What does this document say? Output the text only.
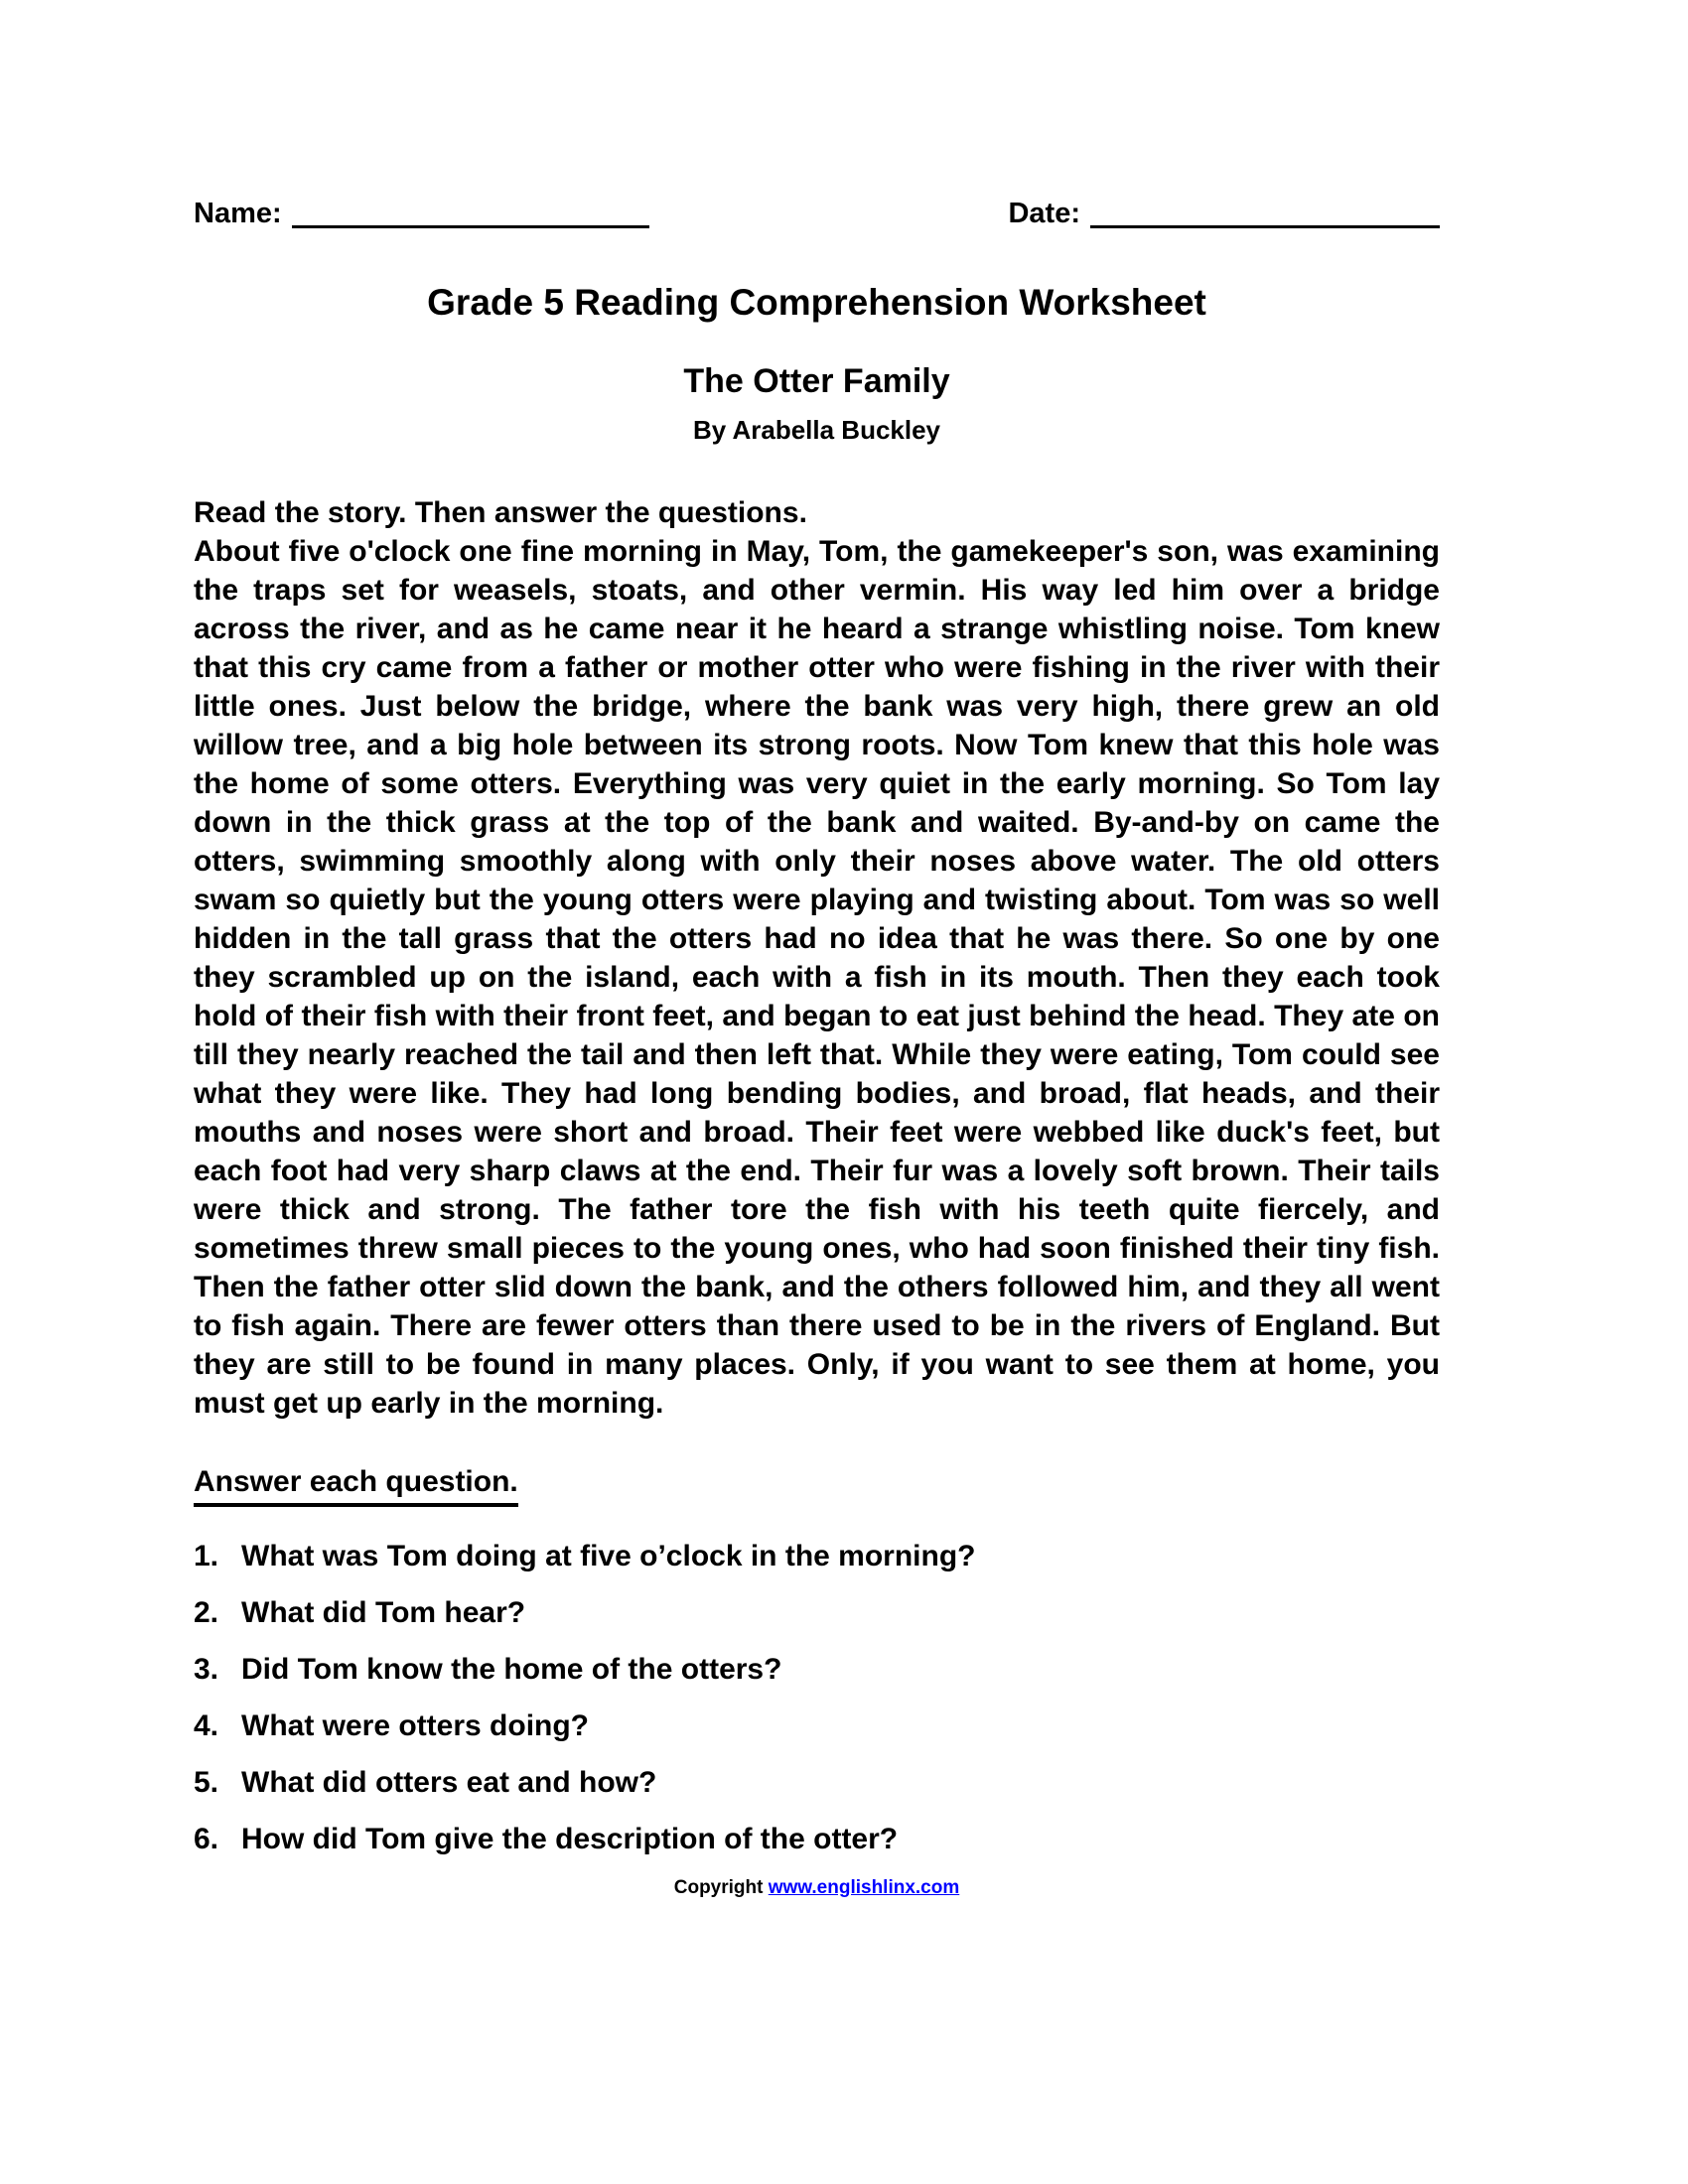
Name:	Date:
Grade 5 Reading Comprehension Worksheet
The Otter Family
By Arabella Buckley
Read the story. Then answer the questions.

About five o'clock one fine morning in May, Tom, the gamekeeper's son, was examining the traps set for weasels, stoats, and other vermin. His way led him over a bridge across the river, and as he came near it he heard a strange whistling noise. Tom knew that this cry came from a father or mother otter who were fishing in the river with their little ones. Just below the bridge, where the bank was very high, there grew an old willow tree, and a big hole between its strong roots. Now Tom knew that this hole was the home of some otters. Everything was very quiet in the early morning. So Tom lay down in the thick grass at the top of the bank and waited. By-and-by on came the otters, swimming smoothly along with only their noses above water. The old otters swam so quietly but the young otters were playing and twisting about. Tom was so well hidden in the tall grass that the otters had no idea that he was there. So one by one they scrambled up on the island, each with a fish in its mouth. Then they each took hold of their fish with their front feet, and began to eat just behind the head. They ate on till they nearly reached the tail and then left that. While they were eating, Tom could see what they were like. They had long bending bodies, and broad, flat heads, and their mouths and noses were short and broad. Their feet were webbed like duck's feet, but each foot had very sharp claws at the end. Their fur was a lovely soft brown. Their tails were thick and strong. The father tore the fish with his teeth quite fiercely, and sometimes threw small pieces to the young ones, who had soon finished their tiny fish. Then the father otter slid down the bank, and the others followed him, and they all went to fish again. There are fewer otters than there used to be in the rivers of England. But they are still to be found in many places. Only, if you want to see them at home, you must get up early in the morning.

Answer each question.
1. What was Tom doing at five o’clock in the morning?
2. What did Tom hear?
3. Did Tom know the home of the otters?
4. What were otters doing?
5. What did otters eat and how?
6. How did Tom give the description of the otter?
Copyright www.englishlinx.com
